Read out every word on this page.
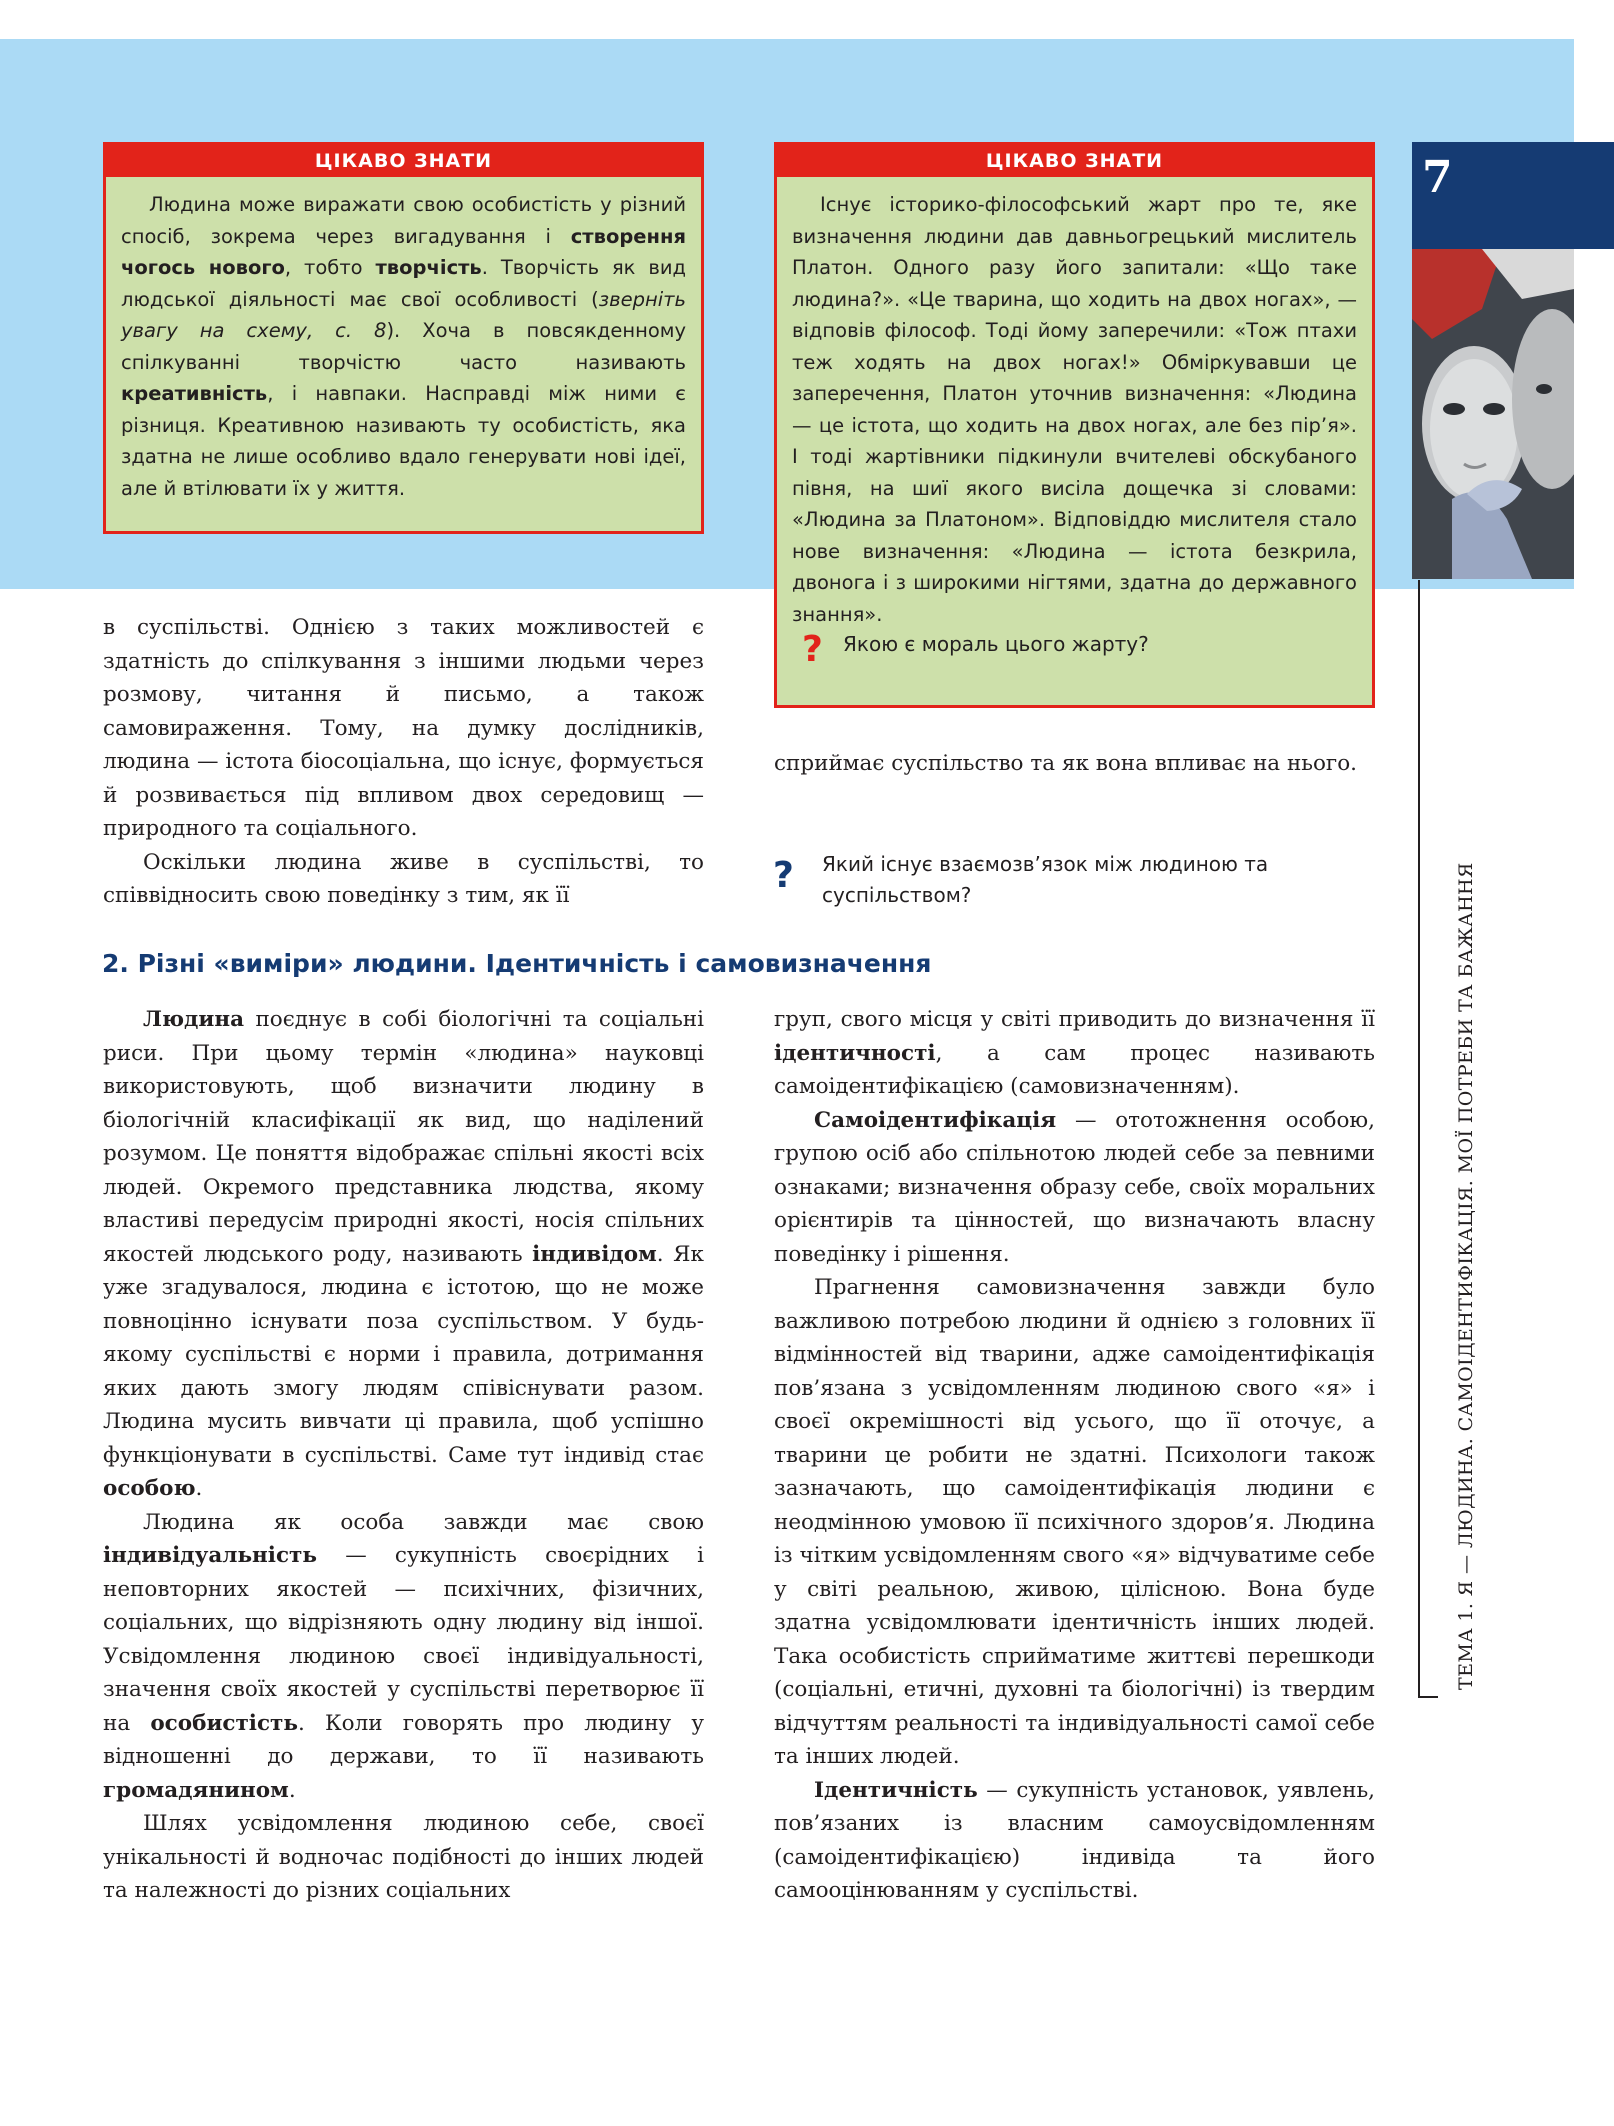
7
ТЕМА 1. Я — ЛЮДИНА. САМОІДЕНТИФІКАЦІЯ. МОЇ ПОТРЕБИ ТА БАЖАННЯ
ЦІКАВО ЗНАТИ

Людина може виражати свою особистість у різний спосіб, зокрема через вигадування і створення чогось нового, тобто творчість. Творчість як вид людської діяльності має свої особливості (зверніть увагу на схему, с. 8). Хоча в повсякденному спілкуванні творчістю часто називають креативність, і навпаки. Насправді між ними є різниця. Креативною називають ту особистість, яка здатна не лише особливо вдало генерувати нові ідеї, але й втілювати їх у життя.

ЦІКАВО ЗНАТИ

Існує історико-філософський жарт про те, яке визначення людини дав давньогрецький мислитель Платон. Одного разу його запитали: «Що таке людина?». «Це тварина, що ходить на двох ногах», — відповів філософ. Тоді йому заперечили: «Тож птахи теж ходять на двох ногах!» Обміркувавши це заперечення, Платон уточнив визначення: «Людина — це істота, що ходить на двох ногах, але без пір’я». І тоді жартівники підкинули вчителеві обскубаного півня, на шиї якого висіла дощечка зі словами: «Людина за Платоном». Відповіддю мислителя стало нове визначення: «Людина — істота безкрила, двонога і з широкими нігтями, здатна до державного знання».

? Якою є мораль цього жарту?

в суспільстві. Однією з таких можливостей є здатність до спілкування з іншими людьми через розмову, читання й письмо, а також самовираження. Тому, на думку дослідників, людина — істота біосоціальна, що існує, формується й розвивається під впливом двох середовищ — природного та соціального.

Оскільки людина живе в суспільстві, то співвідносить свою поведінку з тим, як її

сприймає суспільство та як вона впливає на нього.

? Який існує взаємозв’язок між людиною та суспільством?
2. Різні «виміри» людини. Ідентичність і самовизначення

Людина поєднує в собі біологічні та соціальні риси. При цьому термін «людина» науковці використовують, щоб визначити людину в біологічній класифікації як вид, що наділений розумом. Це поняття відображає спільні якості всіх людей. Окремого представника людства, якому властиві передусім природні якості, носія спільних якостей людського роду, називають індивідом. Як уже згадувалося, людина є істотою, що не може повноцінно існувати поза суспільством. У будь-якому суспільстві є норми і правила, дотримання яких дають змогу людям співіснувати разом. Людина мусить вивчати ці правила, щоб успішно функціонувати в суспільстві. Саме тут індивід стає особою.

Людина як особа завжди має свою індивідуальність — сукупність своєрідних і неповторних якостей — психічних, фізичних, соціальних, що відрізняють одну людину від іншої. Усвідомлення людиною своєї індивідуальності, значення своїх якостей у суспільстві перетворює її на особистість. Коли говорять про людину у відношенні до держави, то її називають громадянином.

Шлях усвідомлення людиною себе, своєї унікальності й водночас подібності до інших людей та належності до різних соціальних

груп, свого місця у світі приводить до визначення її ідентичності, а сам процес називають самоідентифікацією (самовизначенням).

Самоідентифікація — ототожнення особою, групою осіб або спільнотою людей себе за певними ознаками; визначення образу себе, своїх моральних орієнтирів та цінностей, що визначають власну поведінку і рішення.

Прагнення самовизначення завжди було важливою потребою людини й однією з головних її відмінностей від тварини, адже самоідентифікація пов’язана з усвідомленням людиною свого «я» і своєї окремішності від усього, що її оточує, а тварини це робити не здатні. Психологи також зазначають, що самоідентифікація людини є неодмінною умовою її психічного здоров’я. Людина із чітким усвідомленням свого «я» відчуватиме себе у світі реальною, живою, цілісною. Вона буде здатна усвідомлювати ідентичність інших людей. Така особистість сприйматиме життєві перешкоди (соціальні, етичні, духовні та біологічні) із твердим відчуттям реальності та індивідуальності самої себе та інших людей.

Ідентичність — сукупність установок, уявлень, пов’язаних із власним самоусвідомленням (самоідентифікацією) індивіда та його самооцінюванням у суспільстві.
